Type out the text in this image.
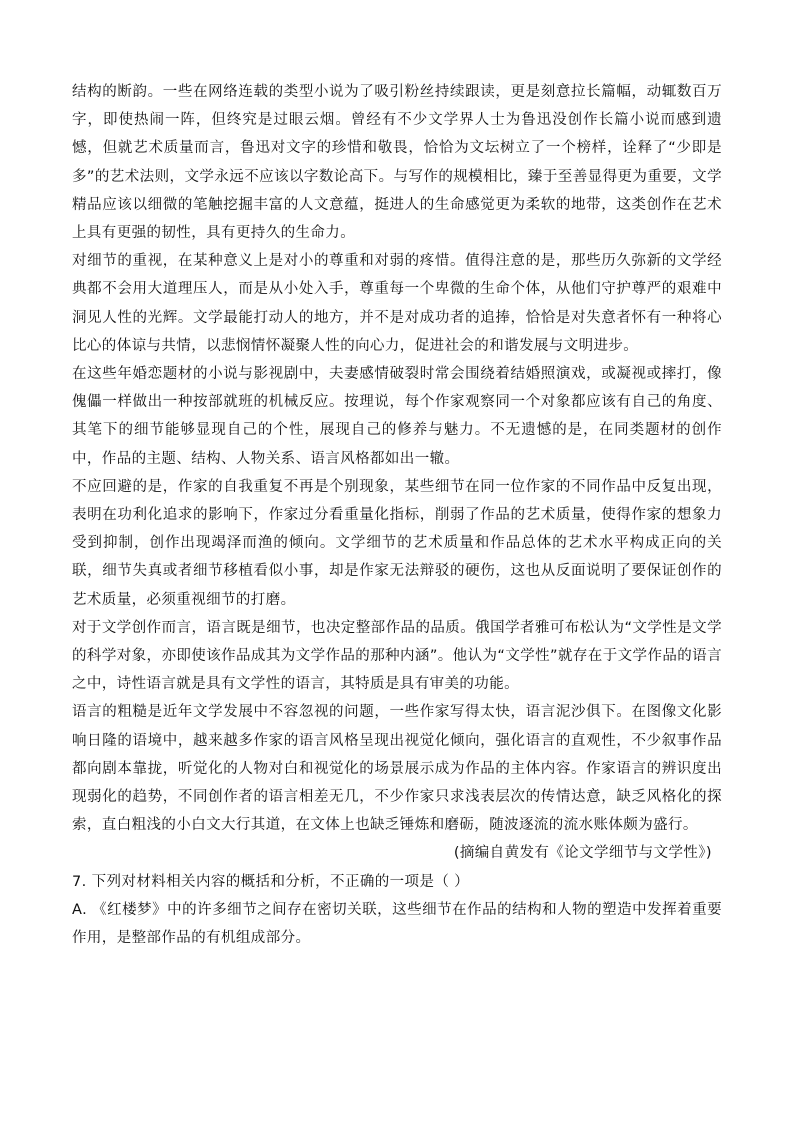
结构的断韵。一些在网络连载的类型小说为了吸引粉丝持续跟读，更是刻意拉长篇幅，动辄数百万字，即使热闹一阵，但终究是过眼云烟。曾经有不少文学界人士为鲁迅没创作长篇小说而感到遗憾，但就艺术质量而言，鲁迅对文字的珍惜和敬畏，恰恰为文坛树立了一个榜样，诠释了“少即是多”的艺术法则，文学永远不应该以字数论高下。与写作的规模相比，臻于至善显得更为重要，文学精品应该以细微的笔触挖掘丰富的人文意蕴，挺进人的生命感觉更为柔软的地带，这类创作在艺术上具有更强的韧性，具有更持久的生命力。

对细节的重视，在某种意义上是对小的尊重和对弱的疼惜。值得注意的是，那些历久弥新的文学经典都不会用大道理压人，而是从小处入手，尊重每一个卑微的生命个体，从他们守护尊严的艰难中洞见人性的光辉。文学最能打动人的地方，并不是对成功者的追捧，恰恰是对失意者怀有一种将心比心的体谅与共情，以悲悯情怀凝聚人性的向心力，促进社会的和谐发展与文明进步。

在这些年婚恋题材的小说与影视剧中，夫妻感情破裂时常会围绕着结婚照演戏，或凝视或摔打，像傀儡一样做出一种按部就班的机械反应。按理说，每个作家观察同一个对象都应该有自己的角度、其笔下的细节能够显现自己的个性，展现自己的修养与魅力。不无遗憾的是，在同类题材的创作中，作品的主题、结构、人物关系、语言风格都如出一辙。

不应回避的是，作家的自我重复不再是个别现象，某些细节在同一位作家的不同作品中反复出现，表明在功利化追求的影响下，作家过分看重量化指标，削弱了作品的艺术质量，使得作家的想象力受到抑制，创作出现竭泽而渔的倾向。文学细节的艺术质量和作品总体的艺术水平构成正向的关联，细节失真或者细节移植看似小事，却是作家无法辩驳的硬伤，这也从反面说明了要保证创作的艺术质量，必须重视细节的打磨。

对于文学创作而言，语言既是细节，也决定整部作品的品质。俄国学者雅可布松认为“文学性是文学的科学对象，亦即使该作品成其为文学作品的那种内涵”。他认为“文学性”就存在于文学作品的语言之中，诗性语言就是具有文学性的语言，其特质是具有审美的功能。

语言的粗糙是近年文学发展中不容忽视的问题，一些作家写得太快，语言泥沙俱下。在图像文化影响日隆的语境中，越来越多作家的语言风格呈现出视觉化倾向，强化语言的直观性，不少叙事作品都向剧本靠拢，听觉化的人物对白和视觉化的场景展示成为作品的主体内容。作家语言的辨识度出现弱化的趋势，不同创作者的语言相差无几，不少作家只求浅表层次的传情达意，缺乏风格化的探索，直白粗浅的小白文大行其道，在文体上也缺乏锤炼和磨砺，随波逐流的流水账体颇为盛行。

(摘编自黄发有《论文学细节与文学性》)

7. 下列对材料相关内容的概括和分析，不正确的一项是（ ）

A. 《红楼梦》中的许多细节之间存在密切关联，这些细节在作品的结构和人物的塑造中发挥着重要作用，是整部作品的有机组成部分。
